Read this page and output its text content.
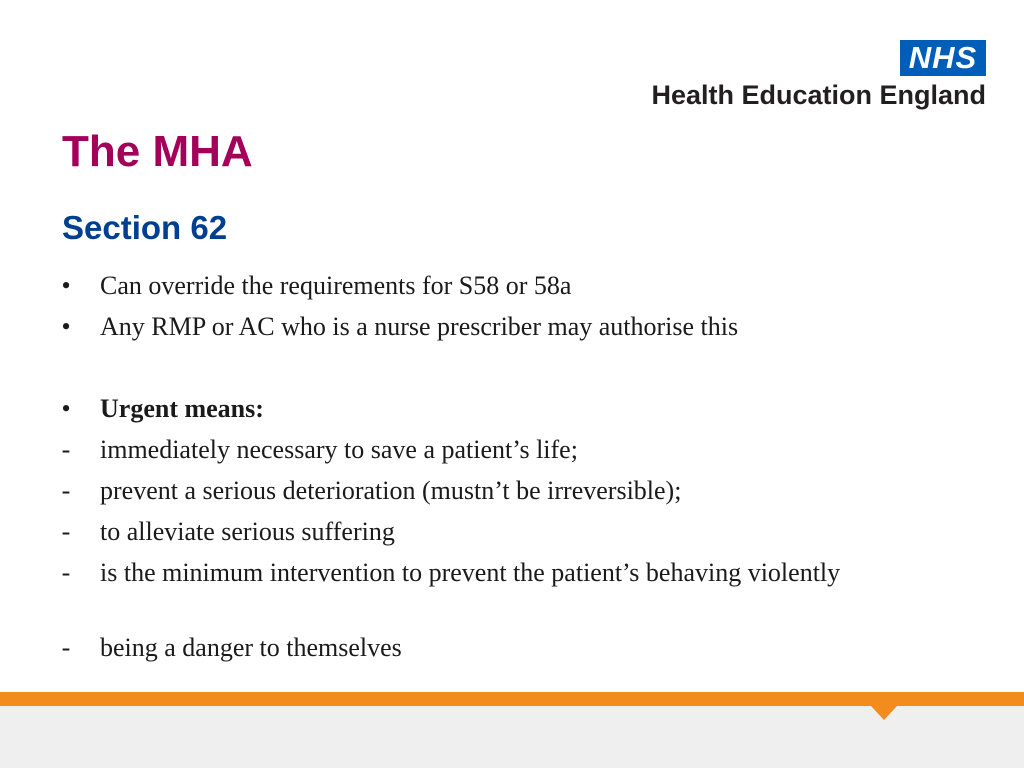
NHS
Health Education England
The MHA
Section 62
• Can override the requirements for S58 or 58a
• Any RMP or AC who is a nurse prescriber may authorise this
• Urgent means:
- immediately necessary to save a patient’s life;
- prevent a serious deterioration (mustn’t be irreversible);
- to alleviate serious suffering
- is the minimum intervention to prevent the patient’s behaving violently
- being a danger to themselves
